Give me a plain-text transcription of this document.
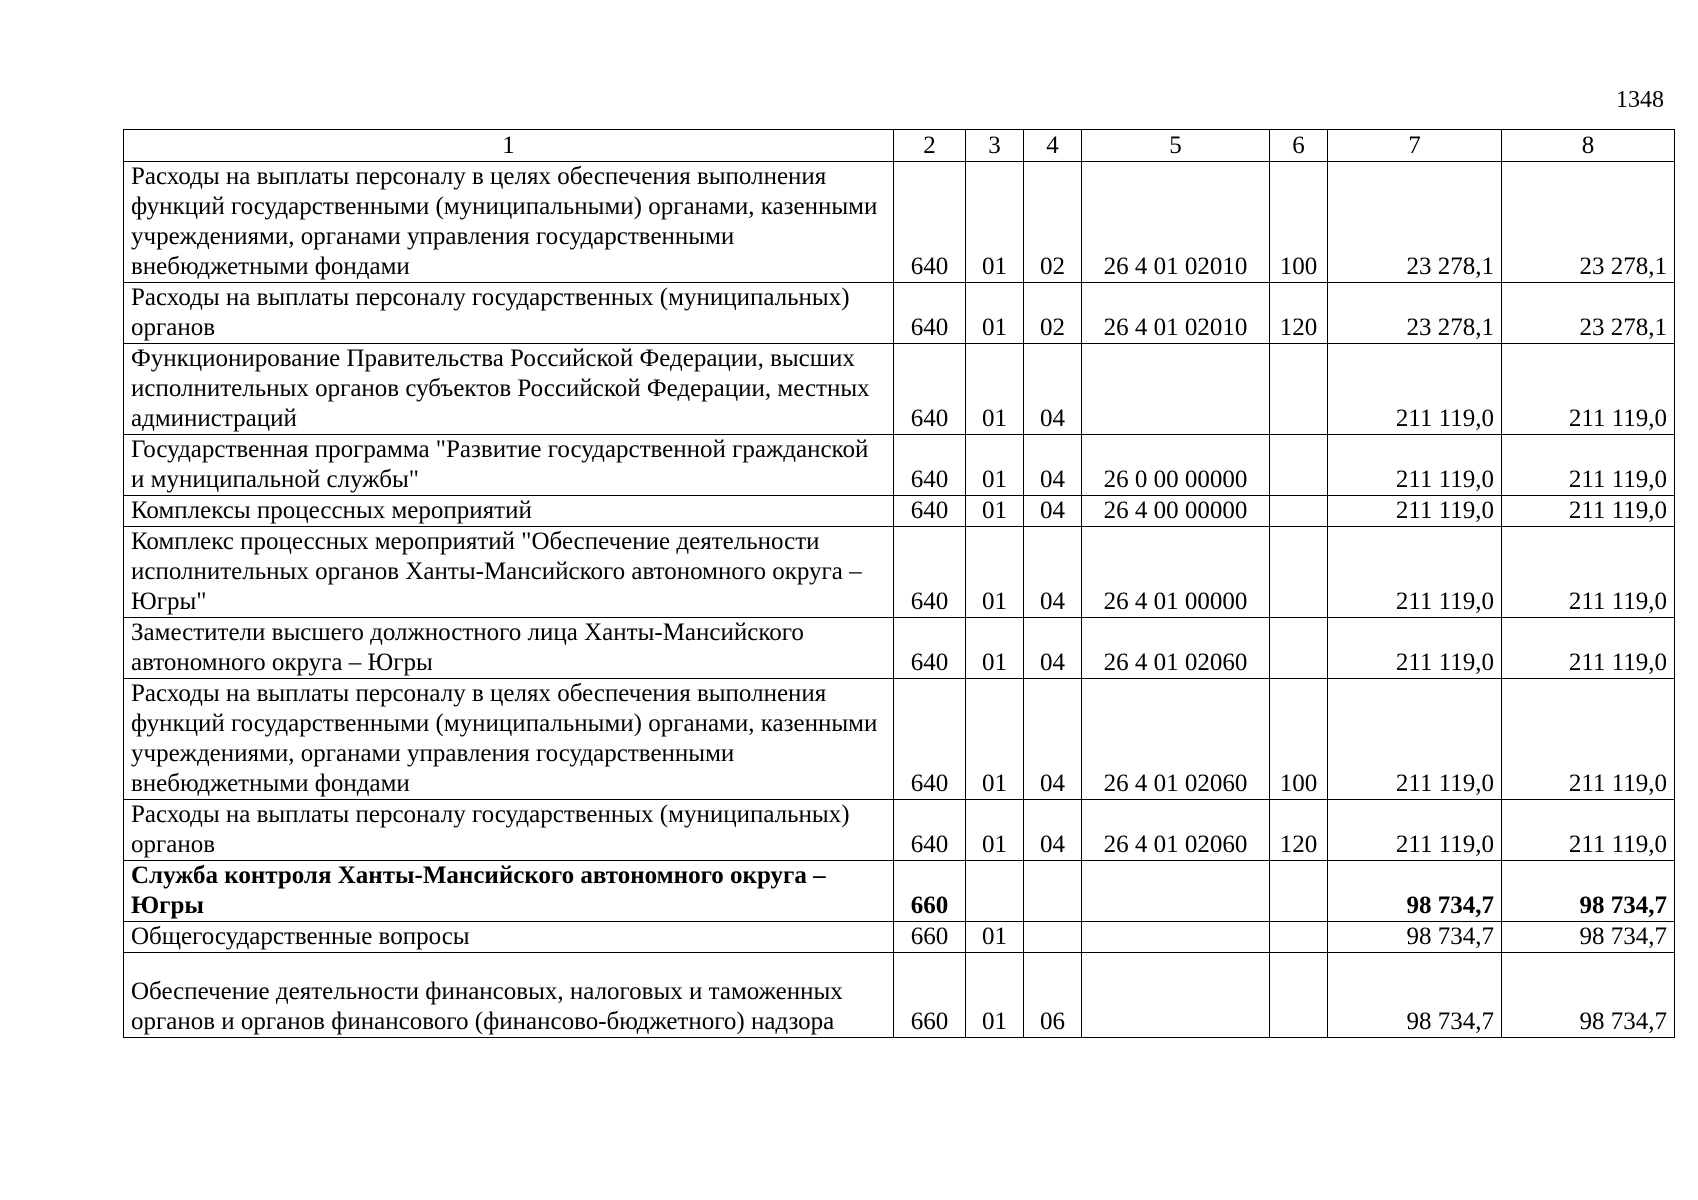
1348
1	2	3	4	5	6	7	8
Расходы на выплаты персоналу в целях обеспечения выполнения функций государственными (муниципальными) органами, казенными учреждениями, органами управления государственными внебюджетными фондами	640	01	02	26 4 01 02010	100	23 278,1	23 278,1
Расходы на выплаты персоналу государственных (муниципальных) органов	640	01	02	26 4 01 02010	120	23 278,1	23 278,1
Функционирование Правительства Российской Федерации, высших исполнительных органов субъектов Российской Федерации, местных администраций	640	01	04			211 119,0	211 119,0
Государственная программа "Развитие государственной гражданской и муниципальной службы"	640	01	04	26 0 00 00000		211 119,0	211 119,0
Комплексы процессных мероприятий	640	01	04	26 4 00 00000		211 119,0	211 119,0
Комплекс процессных мероприятий "Обеспечение деятельности исполнительных органов Ханты-Мансийского автономного округа – Югры"	640	01	04	26 4 01 00000		211 119,0	211 119,0
Заместители высшего должностного лица Ханты-Мансийского автономного округа – Югры	640	01	04	26 4 01 02060		211 119,0	211 119,0
Расходы на выплаты персоналу в целях обеспечения выполнения функций государственными (муниципальными) органами, казенными учреждениями, органами управления государственными внебюджетными фондами	640	01	04	26 4 01 02060	100	211 119,0	211 119,0
Расходы на выплаты персоналу государственных (муниципальных) органов	640	01	04	26 4 01 02060	120	211 119,0	211 119,0
Служба контроля Ханты-Мансийского автономного округа – Югры	660					98 734,7	98 734,7
Общегосударственные вопросы	660	01				98 734,7	98 734,7
Обеспечение деятельности финансовых, налоговых и таможенных органов и органов финансового (финансово-бюджетного) надзора	660	01	06			98 734,7	98 734,7
